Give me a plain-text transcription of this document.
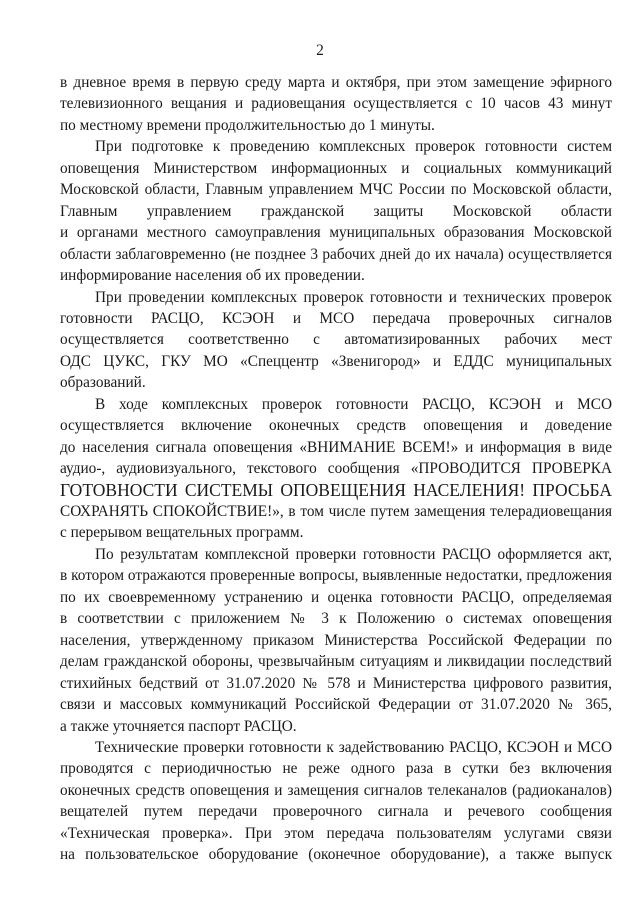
2
в дневное время в первую среду марта и октября, при этом замещение эфирного
телевизионного вещания и радиовещания осуществляется с 10 часов 43 минут
по местному времени продолжительностью до 1 минуты.
При подготовке к проведению комплексных проверок готовности систем
оповещения Министерством информационных и социальных коммуникаций
Московской области, Главным управлением МЧС России по Московской области,
Главным управлением гражданской защиты Московской области
и органами местного самоуправления муниципальных образования Московской
области заблаговременно (не позднее 3 рабочих дней до их начала) осуществляется
информирование населения об их проведении.
При проведении комплексных проверок готовности и технических проверок
готовности РАСЦО, КСЭОН и МСО передача проверочных сигналов
осуществляется соответственно с автоматизированных рабочих мест
ОДС ЦУКС, ГКУ МО «Спеццентр «Звенигород» и ЕДДС муниципальных
образований.
В ходе комплексных проверок готовности РАСЦО, КСЭОН и МСО
осуществляется включение оконечных средств оповещения и доведение
до населения сигнала оповещения «ВНИМАНИЕ ВСЕМ!» и информация в виде
аудио-, аудиовизуального, текстового сообщения «ПРОВОДИТСЯ ПРОВЕРКА
ГОТОВНОСТИ СИСТЕМЫ ОПОВЕЩЕНИЯ НАСЕЛЕНИЯ! ПРОСЬБА
СОХРАНЯТЬ СПОКОЙСТВИЕ!», в том числе путем замещения телерадиовещания
с перерывом вещательных программ.
По результатам комплексной проверки готовности РАСЦО оформляется акт,
в котором отражаются проверенные вопросы, выявленные недостатки, предложения
по их своевременному устранению и оценка готовности РАСЦО, определяемая
в соответствии с приложением № 3 к Положению о системах оповещения
населения, утвержденному приказом Министерства Российской Федерации по
делам гражданской обороны, чрезвычайным ситуациям и ликвидации последствий
стихийных бедствий от 31.07.2020 № 578 и Министерства цифрового развития,
связи и массовых коммуникаций Российской Федерации от 31.07.2020 № 365,
а также уточняется паспорт РАСЦО.
Технические проверки готовности к задействованию РАСЦО, КСЭОН и МСО
проводятся с периодичностью не реже одного раза в сутки без включения
оконечных средств оповещения и замещения сигналов телеканалов (радиоканалов)
вещателей путем передачи проверочного сигнала и речевого сообщения
«Техническая проверка». При этом передача пользователям услугами связи
на пользовательское оборудование (оконечное оборудование), а также выпуск
